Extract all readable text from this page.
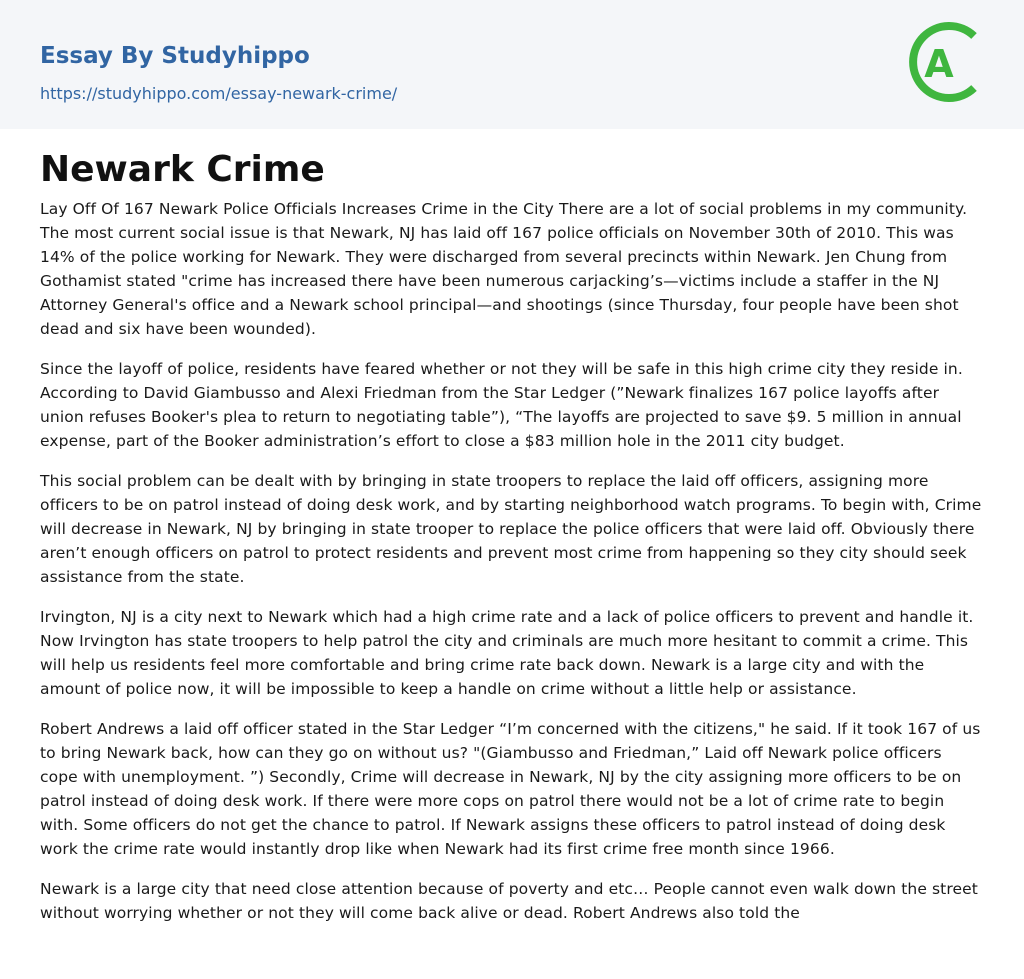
Essay By Studyhippo
https://studyhippo.com/essay-newark-crime/
A
Newark Crime

Lay Off Of 167 Newark Police Officials Increases Crime in the City There are a lot of social problems in my community. The most current social issue is that Newark, NJ has laid off 167 police officials on November 30th of 2010. This was 14% of the police working for Newark. They were discharged from several precincts within Newark. Jen Chung from Gothamist stated "crime has increased there have been numerous carjacking’s—victims include a staffer in the NJ Attorney General's office and a Newark school principal—and shootings (since Thursday, four people have been shot dead and six have been wounded).

Since the layoff of police, residents have feared whether or not they will be safe in this high crime city they reside in. According to David Giambusso and Alexi Friedman from the Star Ledger (”Newark finalizes 167 police layoffs after union refuses Booker's plea to return to negotiating table”), “The layoffs are projected to save $9. 5 million in annual expense, part of the Booker administration’s effort to close a $83 million hole in the 2011 city budget.

This social problem can be dealt with by bringing in state troopers to replace the laid off officers, assigning more officers to be on patrol instead of doing desk work, and by starting neighborhood watch programs. To begin with, Crime will decrease in Newark, NJ by bringing in state trooper to replace the police officers that were laid off. Obviously there aren’t enough officers on patrol to protect residents and prevent most crime from happening so they city should seek assistance from the state.

Irvington, NJ is a city next to Newark which had a high crime rate and a lack of police officers to prevent and handle it. Now Irvington has state troopers to help patrol the city and criminals are much more hesitant to commit a crime. This will help us residents feel more comfortable and bring crime rate back down. Newark is a large city and with the amount of police now, it will be impossible to keep a handle on crime without a little help or assistance.

Robert Andrews a laid off officer stated in the Star Ledger “I’m concerned with the citizens," he said. If it took 167 of us to bring Newark back, how can they go on without us? "(Giambusso and Friedman,” Laid off Newark police officers cope with unemployment. ”) Secondly, Crime will decrease in Newark, NJ by the city assigning more officers to be on patrol instead of doing desk work. If there were more cops on patrol there would not be a lot of crime rate to begin with. Some officers do not get the chance to patrol. If Newark assigns these officers to patrol instead of doing desk work the crime rate would instantly drop like when Newark had its first crime free month since 1966.

Newark is a large city that need close attention because of poverty and etc… People cannot even walk down the street without worrying whether or not they will come back alive or dead. Robert Andrews also told the
